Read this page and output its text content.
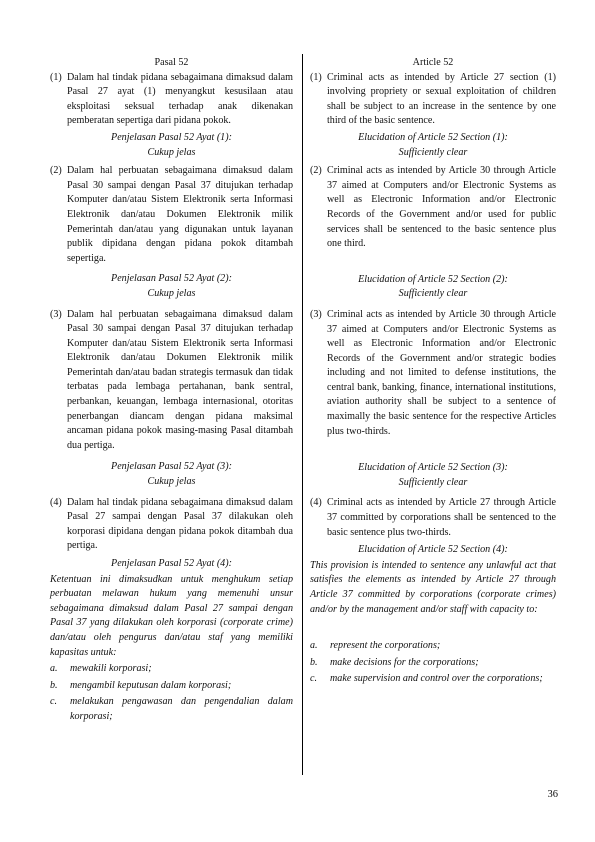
Pasal 52

(1) Dalam hal tindak pidana sebagaimana dimaksud dalam Pasal 27 ayat (1) menyangkut kesusilaan atau eksploitasi seksual terhadap anak dikenakan pemberatan sepertiga dari pidana pokok.
Penjelasan Pasal 52 Ayat (1):
Cukup jelas
(2) Dalam hal perbuatan sebagaimana dimaksud dalam Pasal 30 sampai dengan Pasal 37 ditujukan terhadap Komputer dan/atau Sistem Elektronik serta Informasi Elektronik dan/atau Dokumen Elektronik milik Pemerintah dan/atau yang digunakan untuk layanan publik dipidana dengan pidana pokok ditambah sepertiga.
Penjelasan Pasal 52 Ayat (2):
Cukup jelas
(3) Dalam hal perbuatan sebagaimana dimaksud dalam Pasal 30 sampai dengan Pasal 37 ditujukan terhadap Komputer dan/atau Sistem Elektronik serta Informasi Elektronik dan/atau Dokumen Elektronik milik Pemerintah dan/atau badan strategis termasuk dan tidak terbatas pada lembaga pertahanan, bank sentral, perbankan, keuangan, lembaga internasional, otoritas penerbangan diancam dengan pidana maksimal ancaman pidana pokok masing-masing Pasal ditambah dua pertiga.
Penjelasan Pasal 52 Ayat (3):
Cukup jelas
(4) Dalam hal tindak pidana sebagaimana dimaksud dalam Pasal 27 sampai dengan Pasal 37 dilakukan oleh korporasi dipidana dengan pidana pokok ditambah dua pertiga.
Penjelasan Pasal 52 Ayat (4):
Ketentuan ini dimaksudkan untuk menghukum setiap perbuatan melawan hukum yang memenuhi unsur sebagaimana dimaksud dalam Pasal 27 sampai dengan Pasal 37 yang dilakukan oleh korporasi (corporate crime) dan/atau oleh pengurus dan/atau staf yang memiliki kapasitas untuk:
a.	mewakili korporasi;
b.	mengambil keputusan dalam korporasi;
c.	melakukan pengawasan dan pengendalian dalam korporasi;

Article 52

(1) Criminal acts as intended by Article 27 section (1) involving propriety or sexual exploitation of children shall be subject to an increase in the sentence by one third of the basic sentence.
Elucidation of Article 52 Section (1):
Sufficiently clear
(2) Criminal acts as intended by Article 30 through Article 37 aimed at Computers and/or Electronic Systems as well as Electronic Information and/or Electronic Records of the Government and/or used for public services shall be sentenced to the basic sentence plus one third.
Elucidation of Article 52 Section (2):
Sufficiently clear
(3) Criminal acts as intended by Article 30 through Article 37 aimed at Computers and/or Electronic Systems as well as Electronic Information and/or Electronic Records of the Government and/or strategic bodies including and not limited to defense institutions, the central bank, banking, finance, international institutions, aviation authority shall be subject to a sentence of maximally the basic sentence for the respective Articles plus two-thirds.
Elucidation of Article 52 Section (3):
Sufficiently clear
(4) Criminal acts as intended by Article 27 through Article 37 committed by corporations shall be sentenced to the basic sentence plus two-thirds.
Elucidation of Article 52 Section (4):
This provision is intended to sentence any unlawful act that satisfies the elements as intended by Article 27 through Article 37 committed by corporations (corporate crimes) and/or by the management and/or staff with capacity to:
a.	represent the corporations;
b.	make decisions for the corporations;
c.	make supervision and control over the corporations;
36
